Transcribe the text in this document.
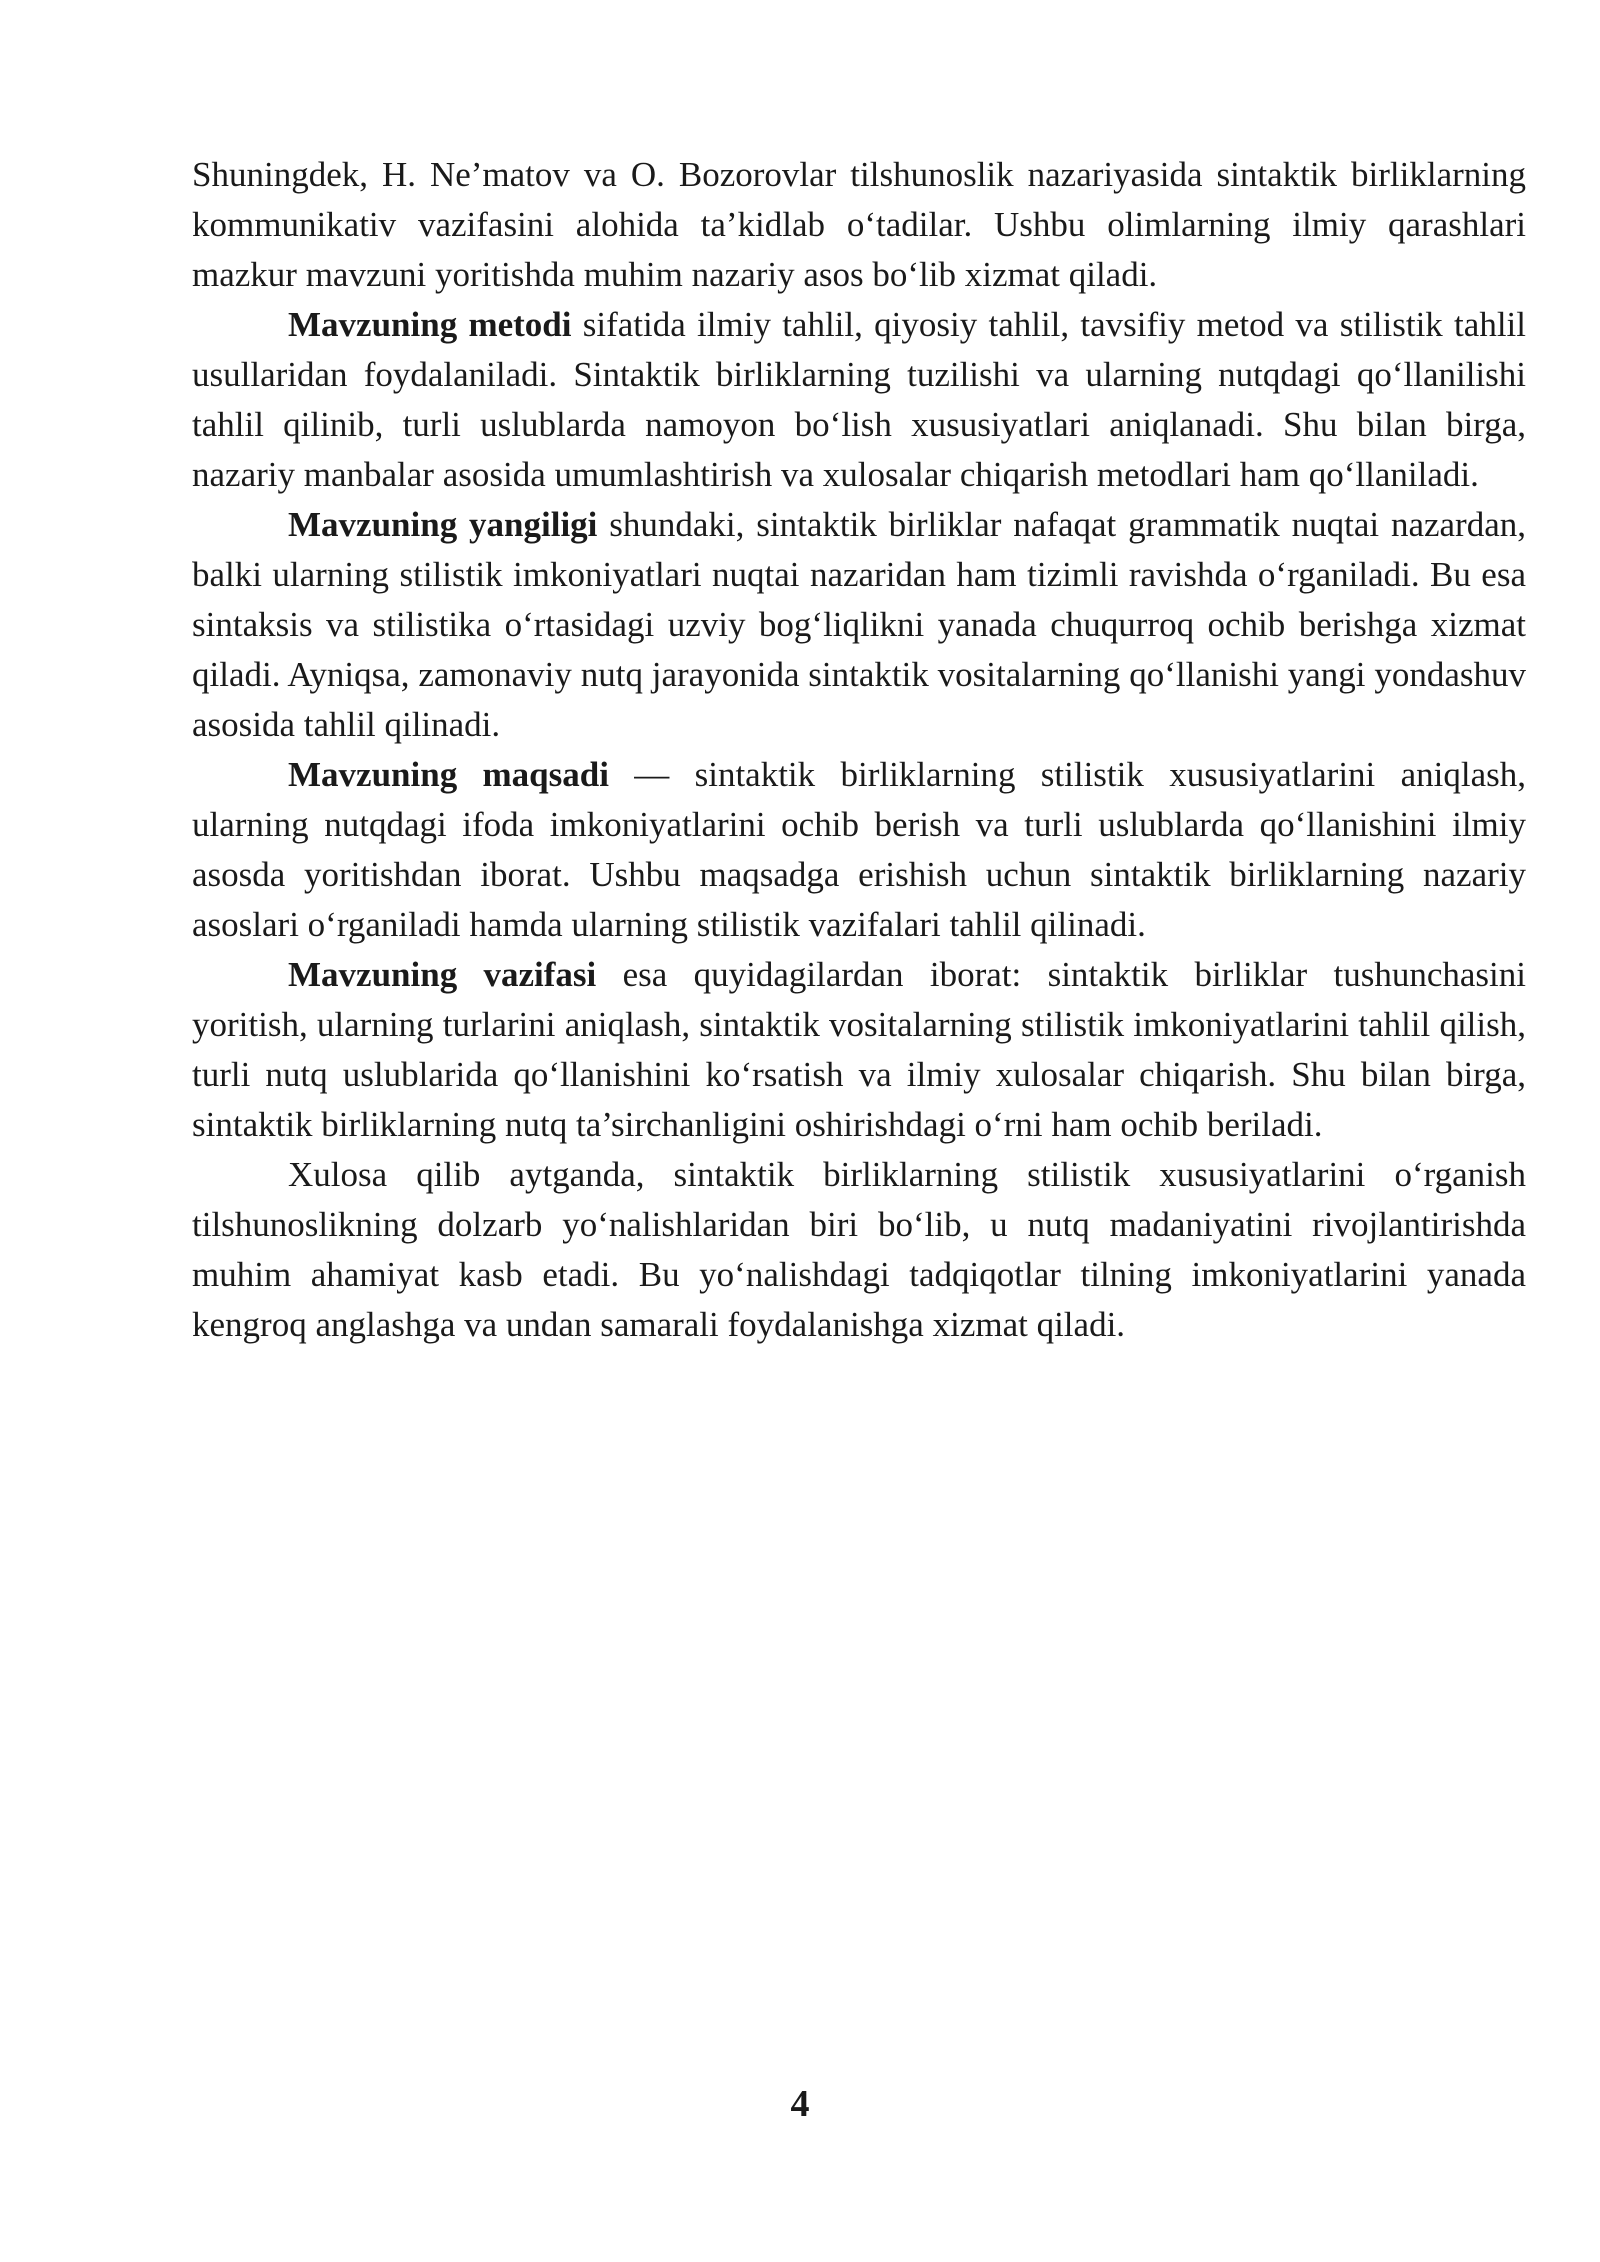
Shuningdek, H. Ne’matov va O. Bozorovlar tilshunoslik nazariyasida sintaktik birliklarning kommunikativ vazifasini alohida ta’kidlab o‘tadilar. Ushbu olimlarning ilmiy qarashlari mazkur mavzuni yoritishda muhim nazariy asos bo‘lib xizmat qiladi.

Mavzuning metodi sifatida ilmiy tahlil, qiyosiy tahlil, tavsifiy metod va stilistik tahlil usullaridan foydalaniladi. Sintaktik birliklarning tuzilishi va ularning nutqdagi qo‘llanilishi tahlil qilinib, turli uslublarda namoyon bo‘lish xususiyatlari aniqlanadi. Shu bilan birga, nazariy manbalar asosida umumlashtirish va xulosalar chiqarish metodlari ham qo‘llaniladi.

Mavzuning yangiligi shundaki, sintaktik birliklar nafaqat grammatik nuqtai nazardan, balki ularning stilistik imkoniyatlari nuqtai nazaridan ham tizimli ravishda o‘rganiladi. Bu esa sintaksis va stilistika o‘rtasidagi uzviy bog‘liqlikni yanada chuqurroq ochib berishga xizmat qiladi. Ayniqsa, zamonaviy nutq jarayonida sintaktik vositalarning qo‘llanishi yangi yondashuv asosida tahlil qilinadi.

Mavzuning maqsadi — sintaktik birliklarning stilistik xususiyatlarini aniqlash, ularning nutqdagi ifoda imkoniyatlarini ochib berish va turli uslublarda qo‘llanishini ilmiy asosda yoritishdan iborat. Ushbu maqsadga erishish uchun sintaktik birliklarning nazariy asoslari o‘rganiladi hamda ularning stilistik vazifalari tahlil qilinadi.

Mavzuning vazifasi esa quyidagilardan iborat: sintaktik birliklar tushunchasini yoritish, ularning turlarini aniqlash, sintaktik vositalarning stilistik imkoniyatlarini tahlil qilish, turli nutq uslublarida qo‘llanishini ko‘rsatish va ilmiy xulosalar chiqarish. Shu bilan birga, sintaktik birliklarning nutq ta’sirchanligini oshirishdagi o‘rni ham ochib beriladi.

Xulosa qilib aytganda, sintaktik birliklarning stilistik xususiyatlarini o‘rganish tilshunoslikning dolzarb yo‘nalishlaridan biri bo‘lib, u nutq madaniyatini rivojlantirishda muhim ahamiyat kasb etadi. Bu yo‘nalishdagi tadqiqotlar tilning imkoniyatlarini yanada kengroq anglashga va undan samarali foydalanishga xizmat qiladi.

4
